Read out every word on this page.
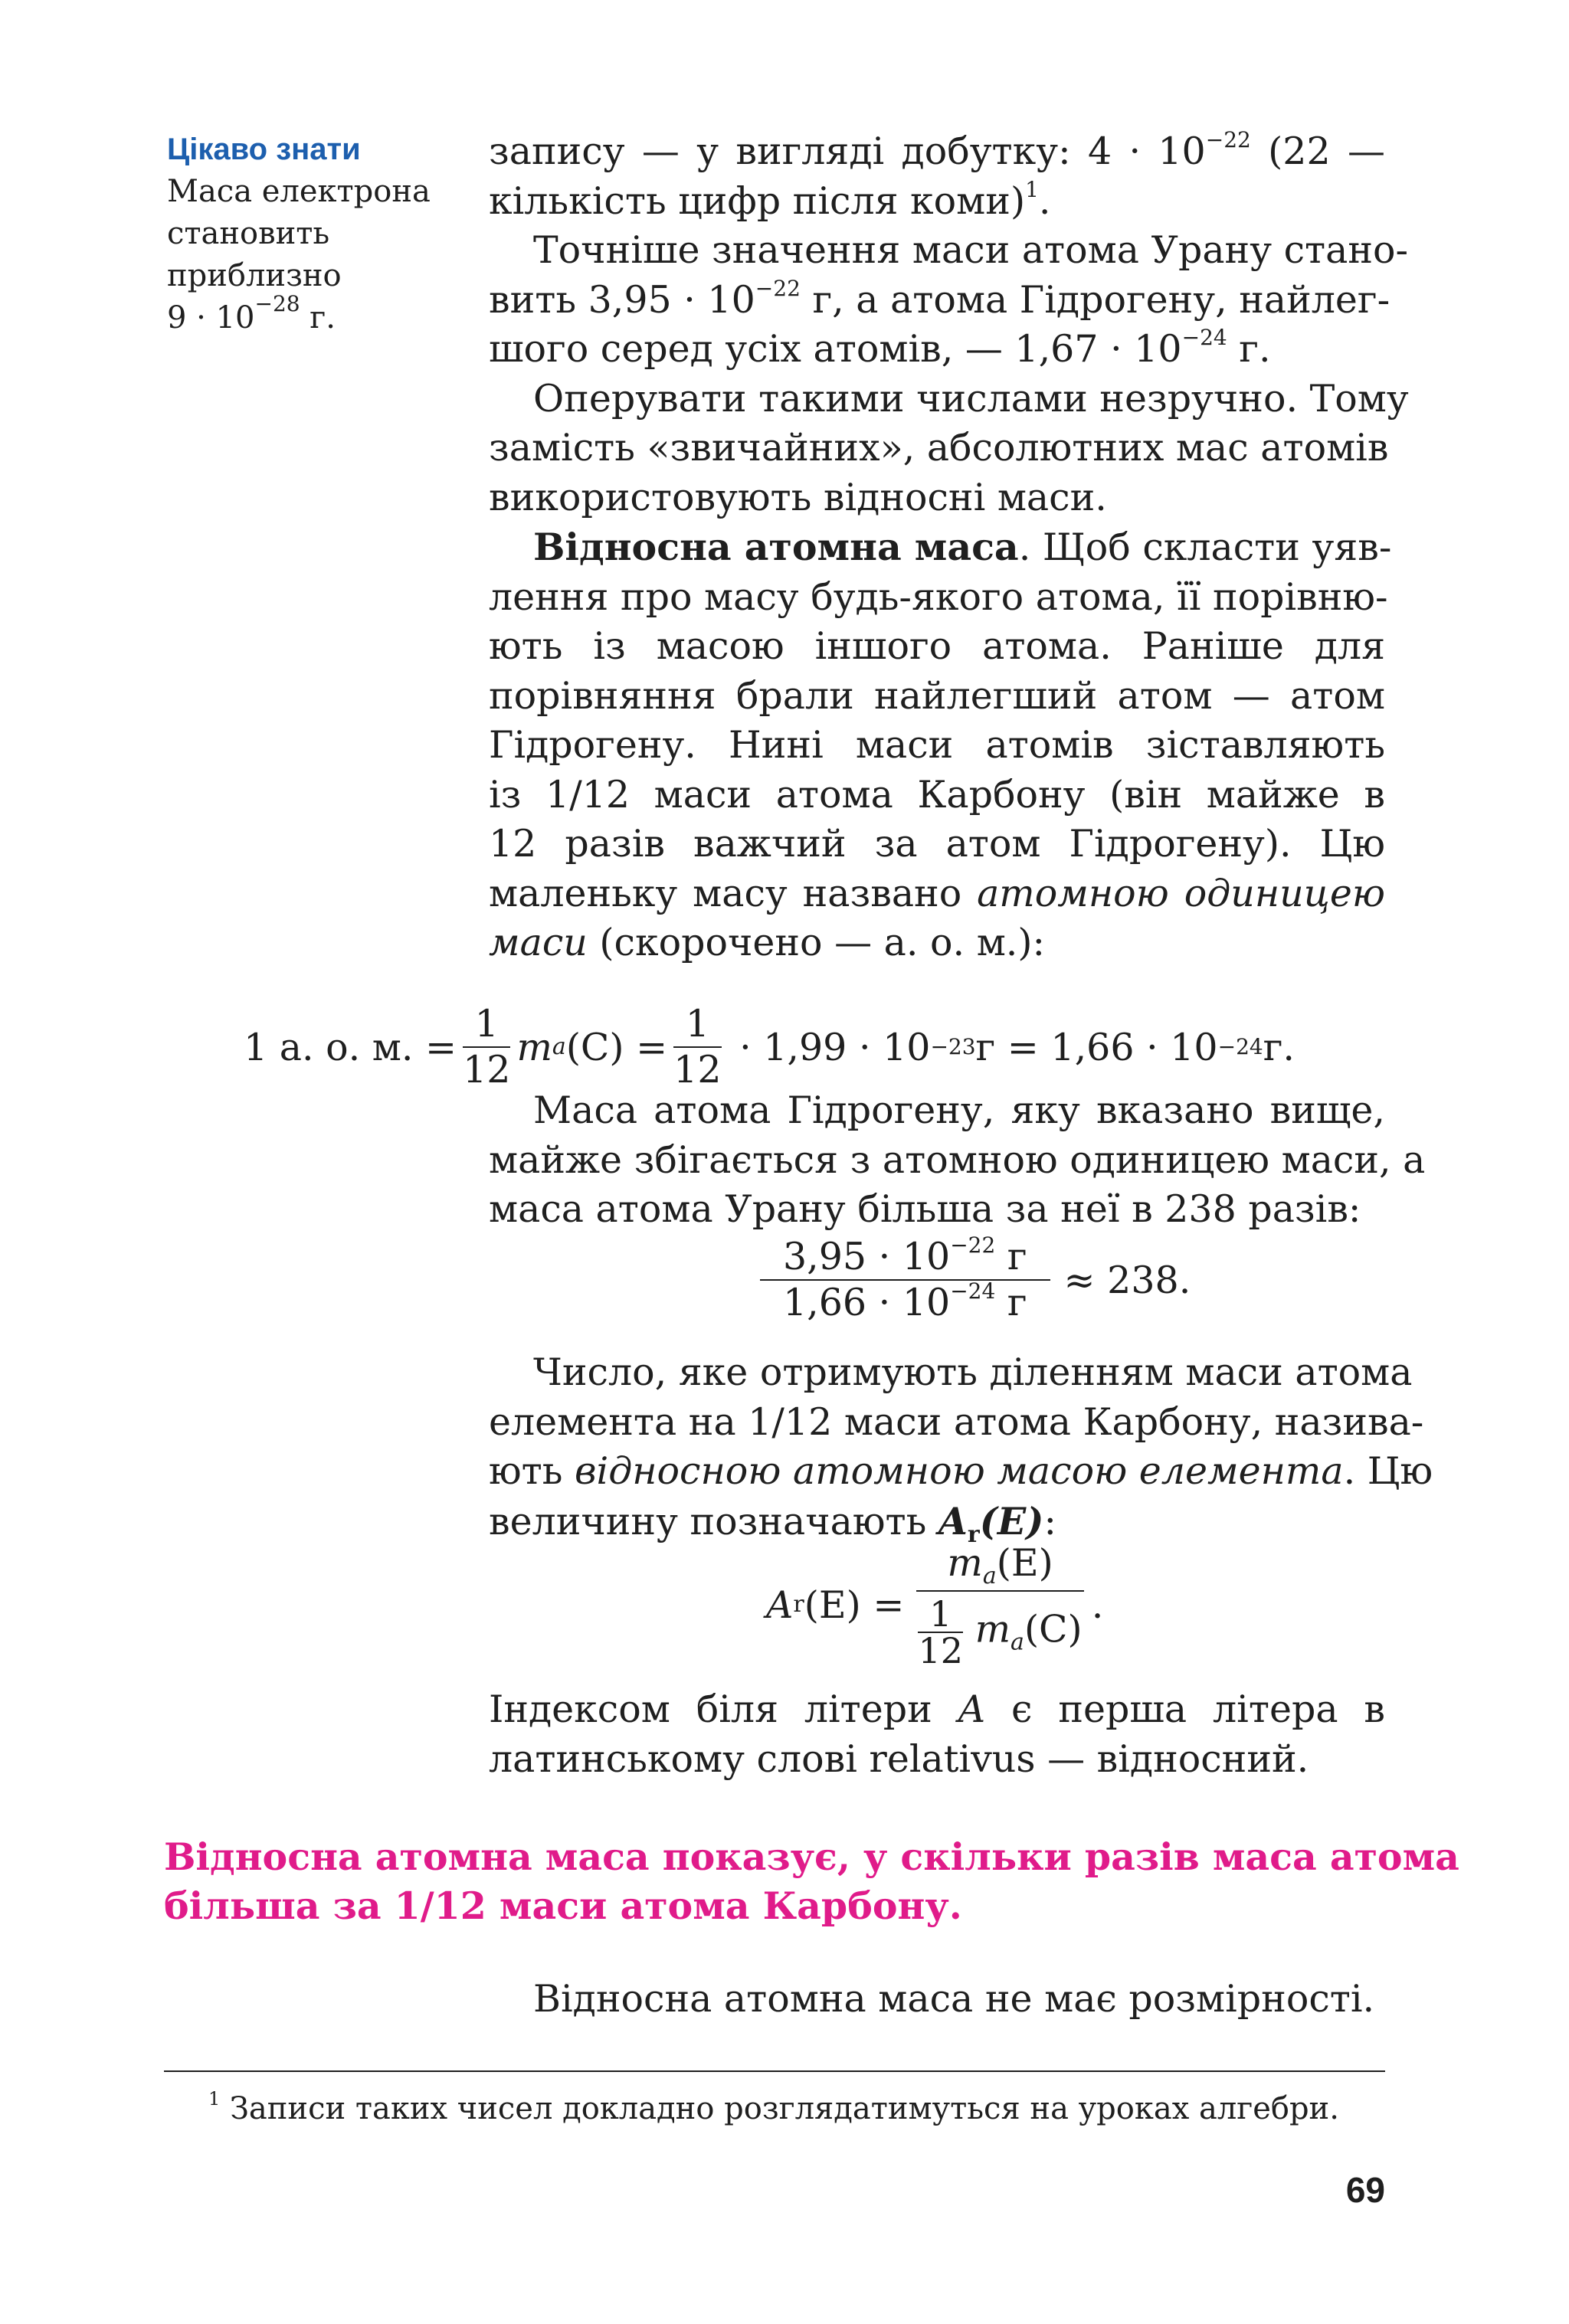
Цікаво знати
Маса електрона
становить
приблизно
$9 \cdot 10^{-28}$ г.
запису — у вигляді добутку: $4 \cdot 10^{-22}$ (22 —
кількість цифр після коми)$^1$.
Точніше значення маси атома Урану стано-
вить $3,95 \cdot 10^{-22}$ г, а атома Гідрогену, найлег-
шого серед усіх атомів, — $1,67 \cdot 10^{-24}$ г.
Оперувати такими числами незручно. Тому
замість «звичайних», абсолютних мас атомів
використовують відносні маси.
Відносна атомна маса. Щоб скласти уяв-
лення про масу будь-якого атома, її порівню-
ють із масою іншого атома. Раніше для
порівняння брали найлегший атом — атом
Гідрогену. Нині маси атомів зіставляють
із 1/12 маси атома Карбону (він майже в
12 разів важчий за атом Гідрогену). Цю
маленьку масу названо атомною одиницею
маси (скорочено — а. о. м.):
1 а. о. м. = $\frac{1}{12}$ m a $(C) = \frac{1}{12}$
· 1,99 · 10 −23 г = 1,66 · 10 −24 г.
Маса атома Гідрогену, яку вказано вище,
майже збігається з атомною одиницею маси, а
маса атома Урану більша за неї в 238 разів:
$\frac{3,95 \cdot 10^{-22} г}{1,66 \cdot 10^{-24} г} \approx 238$.
Число, яке отримують діленням маси атома
елемента на 1/12 маси атома Карбону, назива-
ють відносною атомною масою елемента. Цю
величину позначають $A_r(E)$:
A r $(E) = \frac{m_a(E)}{\frac{1}{12} m_a(C)}$ .
Індексом біля літери A є перша літера в
латинському слові relativus — відносний.
Відносна атомна маса показує, у скільки разів маса атома
більша за 1/12 маси атома Карбону.
Відносна атомна маса не має розмірності.
$^1$ Записи таких чисел докладно розглядатимуться на уроках алгебри.
69
